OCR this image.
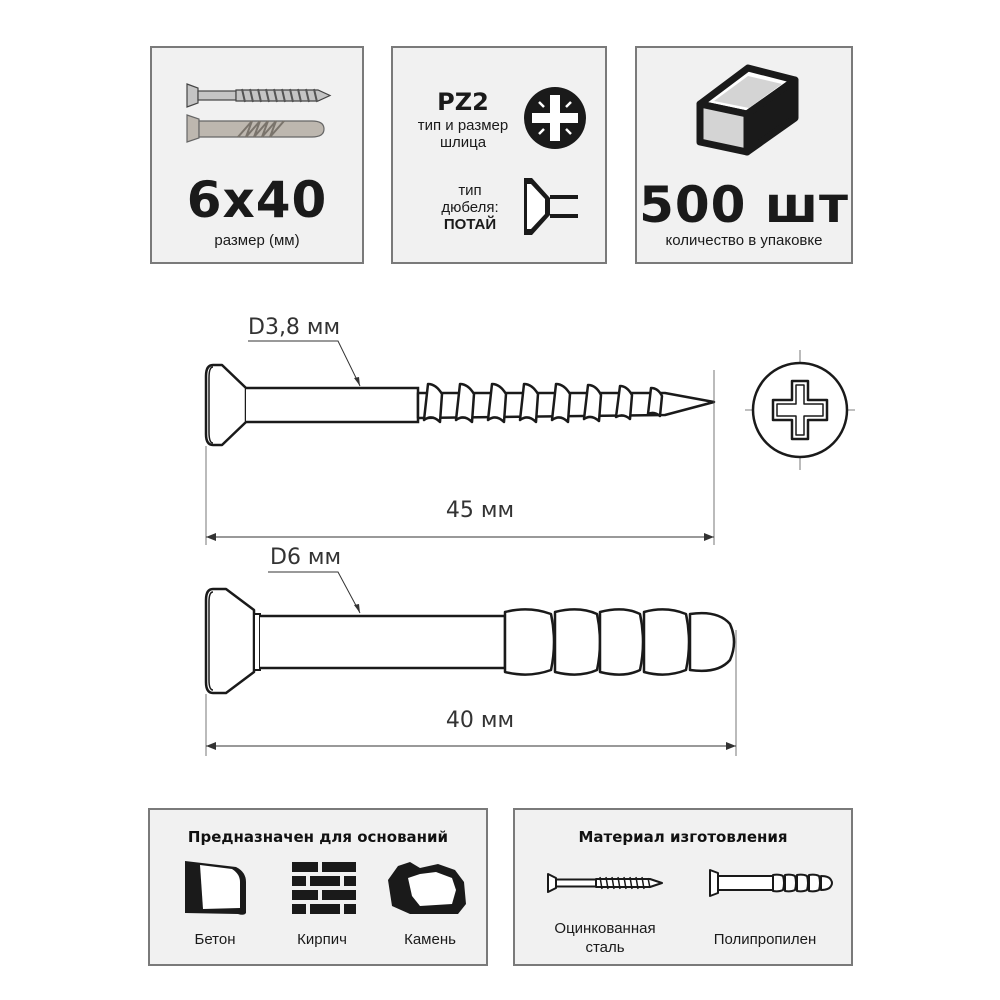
6x40
размер (мм)
PZ2
тип и размер
шлица
тип
дюбеля:
ПОТАЙ	500 шт
количество в упаковке
D3,8 мм
45 мм
D6 мм
40 мм
Предназначен для оснований
Бетон	Кирпич	Камень
Материал изготовления
Оцинкованная
сталь	Полипропилен
